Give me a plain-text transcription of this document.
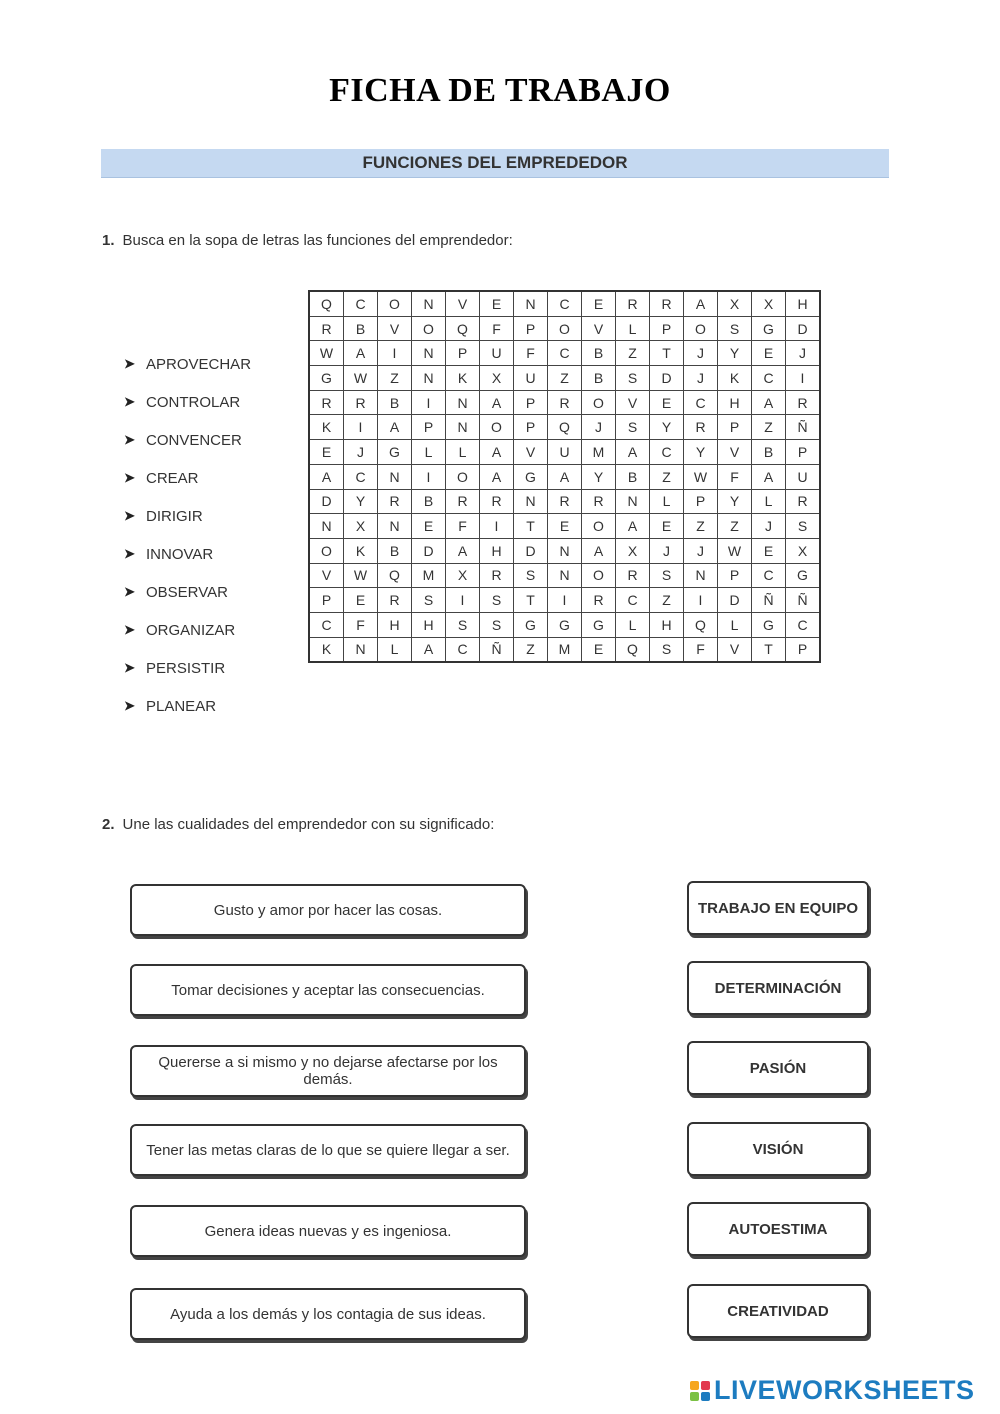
FICHA DE TRABAJO
FUNCIONES DEL EMPREDEDOR
1. Busca en la sopa de letras las funciones del emprendedor:
➤ APROVECHAR
➤ CONTROLAR
➤ CONVENCER
➤ CREAR
➤ DIRIGIR
➤ INNOVAR
➤ OBSERVAR
➤ ORGANIZAR
➤ PERSISTIR
➤ PLANEAR
Q	C	O	N	V	E	N	C	E	R	R	A	X	X	H
R	B	V	O	Q	F	P	O	V	L	P	O	S	G	D
W	A	I	N	P	U	F	C	B	Z	T	J	Y	E	J
G	W	Z	N	K	X	U	Z	B	S	D	J	K	C	I
R	R	B	I	N	A	P	R	O	V	E	C	H	A	R
K	I	A	P	N	O	P	Q	J	S	Y	R	P	Z	Ñ
E	J	G	L	L	A	V	U	M	A	C	Y	V	B	P
A	C	N	I	O	A	G	A	Y	B	Z	W	F	A	U
D	Y	R	B	R	R	N	R	R	N	L	P	Y	L	R
N	X	N	E	F	I	T	E	O	A	E	Z	Z	J	S
O	K	B	D	A	H	D	N	A	X	J	J	W	E	X
V	W	Q	M	X	R	S	N	O	R	S	N	P	C	G
P	E	R	S	I	S	T	I	R	C	Z	I	D	Ñ	Ñ
C	F	H	H	S	S	G	G	G	L	H	Q	L	G	C
K	N	L	A	C	Ñ	Z	M	E	Q	S	F	V	T	P
2. Une las cualidades del emprendedor con su significado:
Gusto y amor por hacer las cosas.
Tomar decisiones y aceptar las consecuencias.
Quererse a si mismo y no dejarse afectarse por los demás.
Tener las metas claras de lo que se quiere llegar a ser.
Genera ideas nuevas y es ingeniosa.
Ayuda a los demás y los contagia de sus ideas.
TRABAJO EN EQUIPO
DETERMINACIÓN
PASIÓN
VISIÓN
AUTOESTIMA
CREATIVIDAD
LIVEWORKSHEETS
